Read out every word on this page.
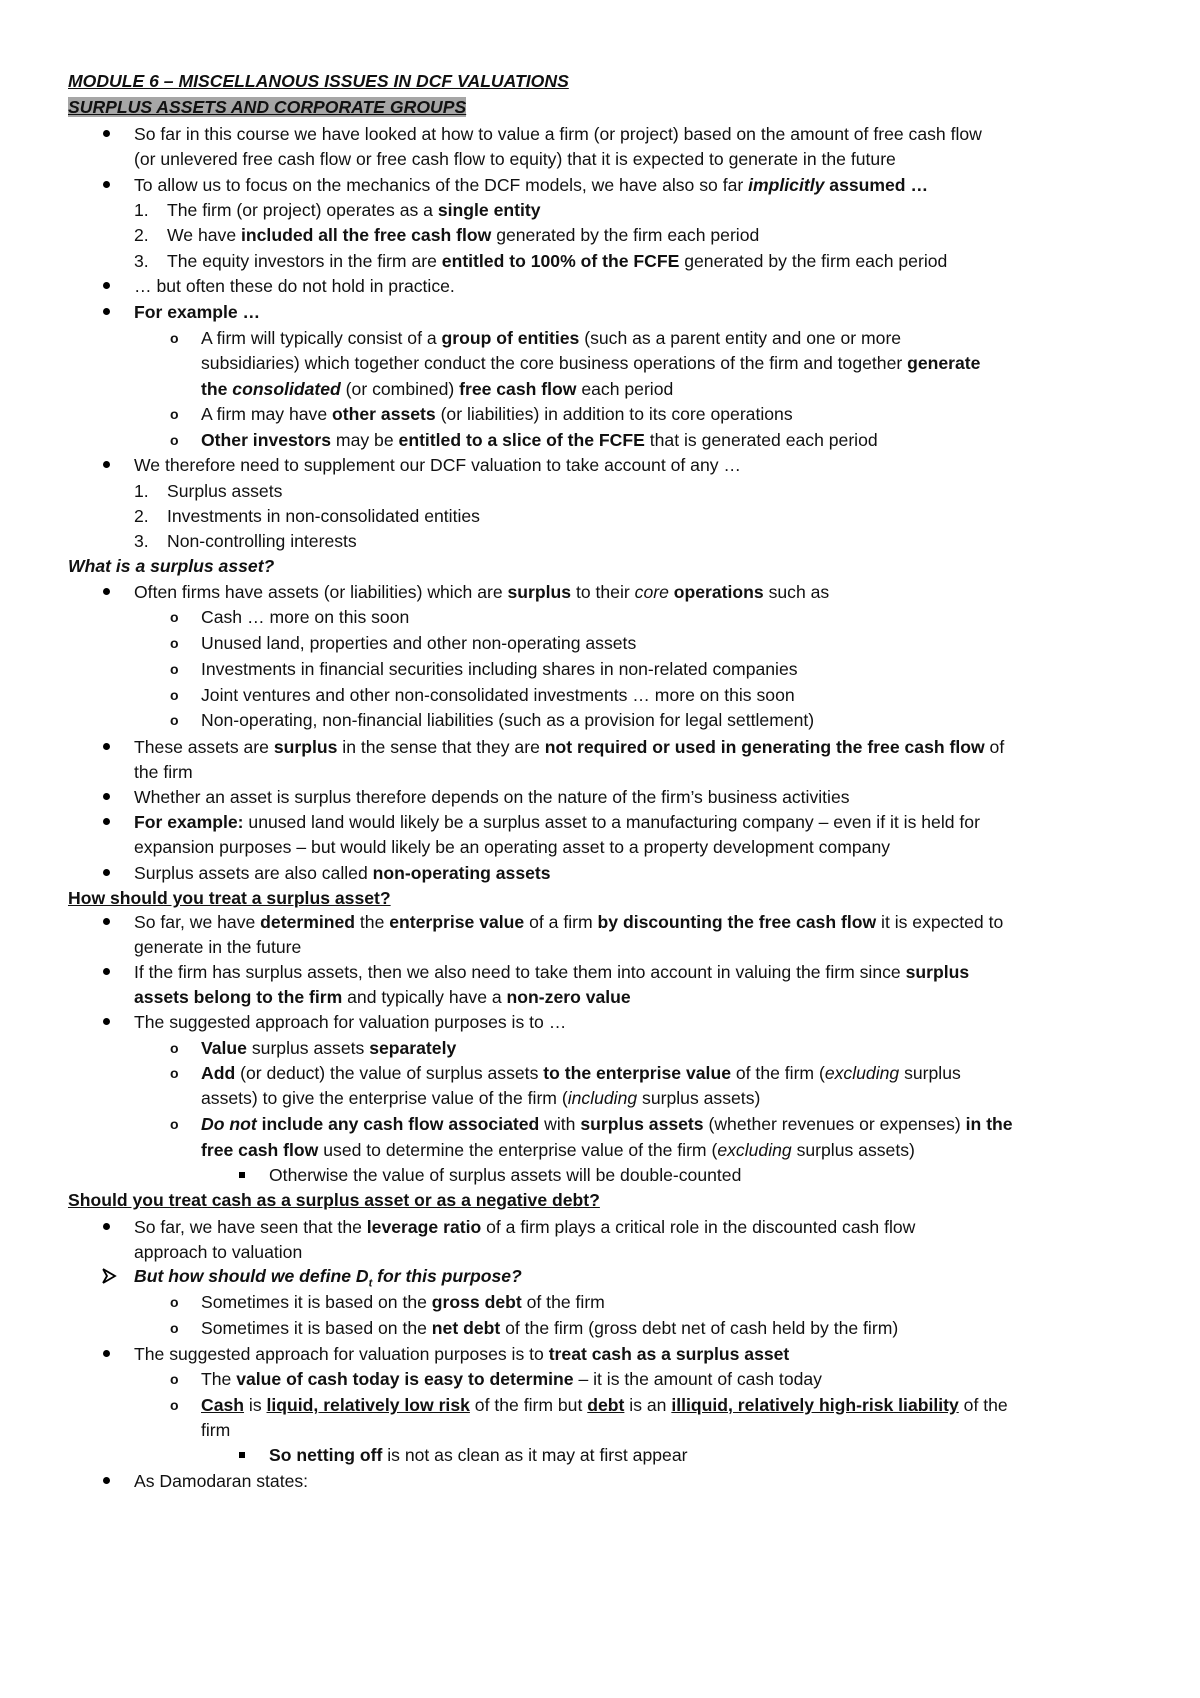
MODULE 6 – MISCELLANOUS ISSUES IN DCF VALUATIONS
SURPLUS ASSETS AND CORPORATE GROUPS
So far in this course we have looked at how to value a firm (or project) based on the amount of free cash flow
(or unlevered free cash flow or free cash flow to equity) that it is expected to generate in the future
To allow us to focus on the mechanics of the DCF models, we have also so far implicitly assumed …
1. The firm (or project) operates as a single entity
2. We have included all the free cash flow generated by the firm each period
3. The equity investors in the firm are entitled to 100% of the FCFE generated by the firm each period
… but often these do not hold in practice.
For example …
o A firm will typically consist of a group of entities (such as a parent entity and one or more
subsidiaries) which together conduct the core business operations of the firm and together generate
the consolidated (or combined) free cash flow each period
o A firm may have other assets (or liabilities) in addition to its core operations
o Other investors may be entitled to a slice of the FCFE that is generated each period
We therefore need to supplement our DCF valuation to take account of any …
1. Surplus assets
2. Investments in non-consolidated entities
3. Non-controlling interests
What is a surplus asset?
Often firms have assets (or liabilities) which are surplus to their core operations such as
o Cash … more on this soon
o Unused land, properties and other non-operating assets
o Investments in financial securities including shares in non-related companies
o Joint ventures and other non-consolidated investments … more on this soon
o Non-operating, non-financial liabilities (such as a provision for legal settlement)
These assets are surplus in the sense that they are not required or used in generating the free cash flow of
the firm
Whether an asset is surplus therefore depends on the nature of the firm’s business activities
For example: unused land would likely be a surplus asset to a manufacturing company – even if it is held for
expansion purposes – but would likely be an operating asset to a property development company
Surplus assets are also called non-operating assets
How should you treat a surplus asset?
So far, we have determined the enterprise value of a firm by discounting the free cash flow it is expected to
generate in the future
If the firm has surplus assets, then we also need to take them into account in valuing the firm since surplus
assets belong to the firm and typically have a non-zero value
The suggested approach for valuation purposes is to …
o Value surplus assets separately
o Add (or deduct) the value of surplus assets to the enterprise value of the firm (excluding surplus
assets) to give the enterprise value of the firm (including surplus assets)
o Do not include any cash flow associated with surplus assets (whether revenues or expenses) in the
free cash flow used to determine the enterprise value of the firm (excluding surplus assets)
Otherwise the value of surplus assets will be double-counted
Should you treat cash as a surplus asset or as a negative debt?
So far, we have seen that the leverage ratio of a firm plays a critical role in the discounted cash flow
approach to valuation
But how should we define $D_t$ for this purpose?
o Sometimes it is based on the gross debt of the firm
o Sometimes it is based on the net debt of the firm (gross debt net of cash held by the firm)
The suggested approach for valuation purposes is to treat cash as a surplus asset
o The value of cash today is easy to determine – it is the amount of cash today
o Cash is liquid, relatively low risk of the firm but debt is an illiquid, relatively high-risk liability of the
firm
So netting off is not as clean as it may at first appear
As Damodaran states:
